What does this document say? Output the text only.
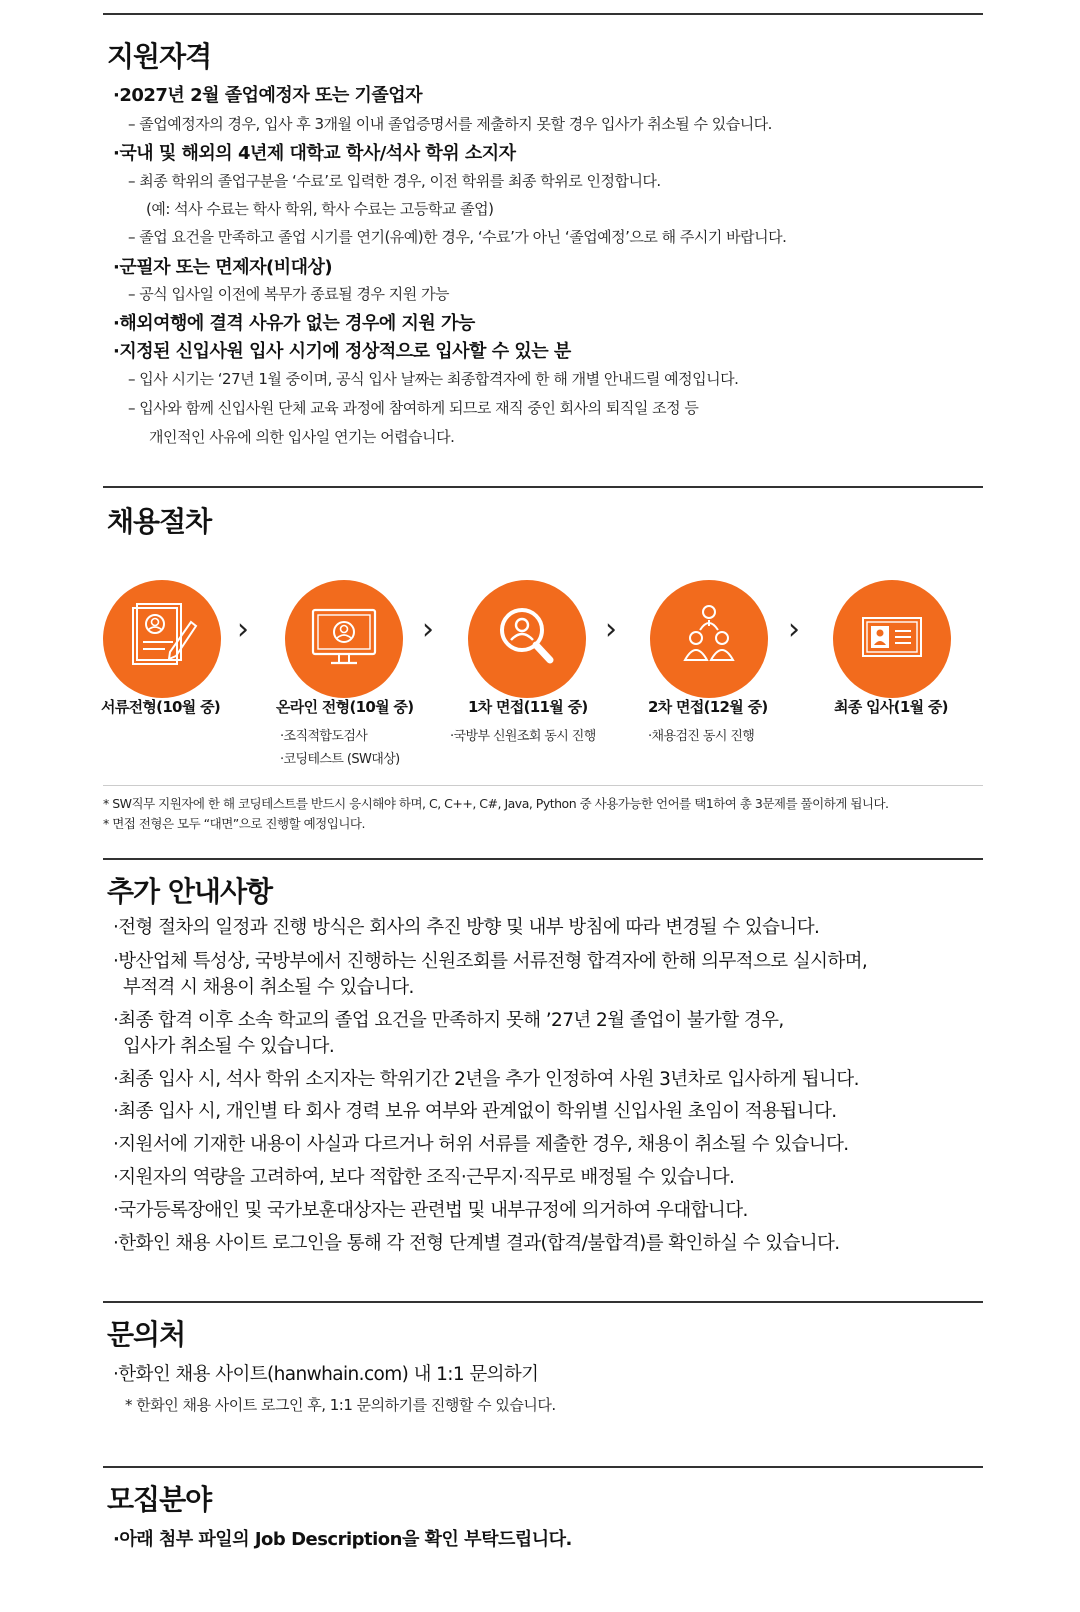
지원자격
·2027년 2월 졸업예정자 또는 기졸업자
– 졸업예정자의 경우, 입사 후 3개월 이내 졸업증명서를 제출하지 못할 경우 입사가 취소될 수 있습니다.
·국내 및 해외의 4년제 대학교 학사/석사 학위 소지자
– 최종 학위의 졸업구분을 ‘수료’로 입력한 경우, 이전 학위를 최종 학위로 인정합니다.
(예: 석사 수료는 학사 학위, 학사 수료는 고등학교 졸업)
– 졸업 요건을 만족하고 졸업 시기를 연기(유예)한 경우, ‘수료’가 아닌 ‘졸업예정’으로 해 주시기 바랍니다.
·군필자 또는 면제자(비대상)
– 공식 입사일 이전에 복무가 종료될 경우 지원 가능
·해외여행에 결격 사유가 없는 경우에 지원 가능
·지정된 신입사원 입사 시기에 정상적으로 입사할 수 있는 분
– 입사 시기는 ‘27년 1월 중이며, 공식 입사 날짜는 최종합격자에 한 해 개별 안내드릴 예정입니다.
– 입사와 함께 신입사원 단체 교육 과정에 참여하게 되므로 재직 중인 회사의 퇴직일 조정 등
개인적인 사유에 의한 입사일 연기는 어렵습니다.
채용절차
›	›	›	›
서류전형(10월 중)	온라인 전형(10월 중)
·조직적합도검사
·코딩테스트 (SW대상)
1차 면접(11월 중)
·국방부 신원조회 동시 진행
2차 면접(12월 중)
·채용검진 동시 진행
최종 입사(1월 중)
* SW직무 지원자에 한 해 코딩테스트를 반드시 응시해야 하며, C, C++, C#, Java, Python 중 사용가능한 언어를 택1하여 총 3문제를 풀이하게 됩니다.
* 면접 전형은 모두 “대면”으로 진행할 예정입니다.
추가 안내사항
·전형 절차의 일정과 진행 방식은 회사의 추진 방향 및 내부 방침에 따라 변경될 수 있습니다.
·방산업체 특성상, 국방부에서 진행하는 신원조회를 서류전형 합격자에 한해 의무적으로 실시하며,
부적격 시 채용이 취소될 수 있습니다.
·최종 합격 이후 소속 학교의 졸업 요건을 만족하지 못해 ’27년 2월 졸업이 불가할 경우,
입사가 취소될 수 있습니다.
·최종 입사 시, 석사 학위 소지자는 학위기간 2년을 추가 인정하여 사원 3년차로 입사하게 됩니다.
·최종 입사 시, 개인별 타 회사 경력 보유 여부와 관계없이 학위별 신입사원 초임이 적용됩니다.
·지원서에 기재한 내용이 사실과 다르거나 허위 서류를 제출한 경우, 채용이 취소될 수 있습니다.
·지원자의 역량을 고려하여, 보다 적합한 조직·근무지·직무로 배정될 수 있습니다.
·국가등록장애인 및 국가보훈대상자는 관련법 및 내부규정에 의거하여 우대합니다.
·한화인 채용 사이트 로그인을 통해 각 전형 단계별 결과(합격/불합격)를 확인하실 수 있습니다.
문의처
·한화인 채용 사이트(hanwhain.com) 내 1:1 문의하기
* 한화인 채용 사이트 로그인 후, 1:1 문의하기를 진행할 수 있습니다.
모집분야
·아래 첨부 파일의 Job Description을 확인 부탁드립니다.
